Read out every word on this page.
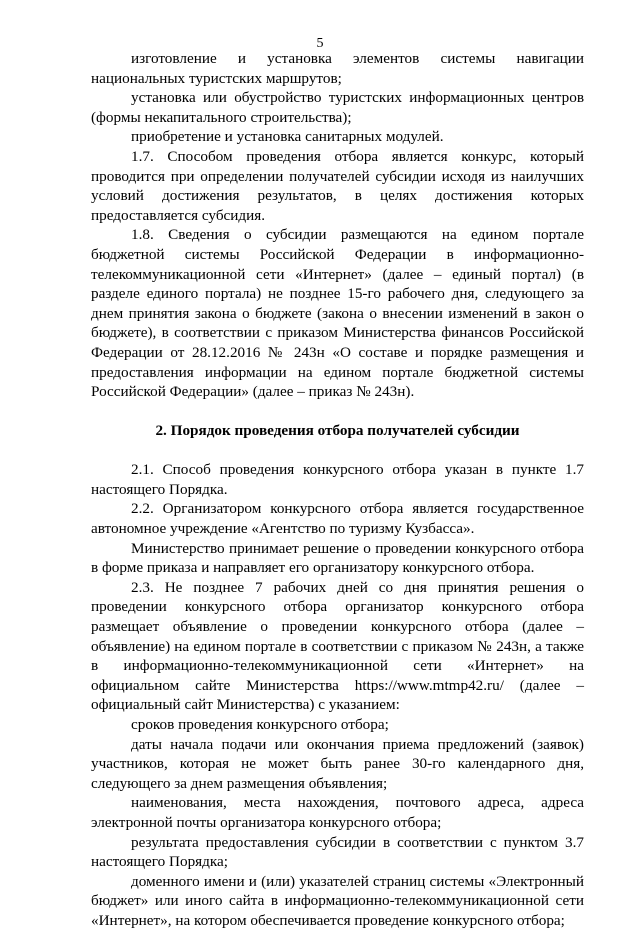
5

изготовление и установка элементов системы навигации национальных туристских маршрутов;

установка или обустройство туристских информационных центров (формы некапитального строительства);

приобретение и установка санитарных модулей.

1.7. Способом проведения отбора является конкурс, который проводится при определении получателей субсидии исходя из наилучших условий достижения результатов, в целях достижения которых предоставляется субсидия.

1.8. Сведения о субсидии размещаются на едином портале бюджетной системы Российской Федерации в информационно-телекоммуникационной сети «Интернет» (далее – единый портал) (в разделе единого портала) не позднее 15-го рабочего дня, следующего за днем принятия закона о бюджете (закона о внесении изменений в закон о бюджете), в соответствии с приказом Министерства финансов Российской Федерации от 28.12.2016 № 243н «О составе и порядке размещения и предоставления информации на едином портале бюджетной системы Российской Федерации» (далее – приказ № 243н).

2. Порядок проведения отбора получателей субсидии

2.1. Способ проведения конкурсного отбора указан в пункте 1.7 настоящего Порядка.

2.2. Организатором конкурсного отбора является государственное автономное учреждение «Агентство по туризму Кузбасса».

Министерство принимает решение о проведении конкурсного отбора в форме приказа и направляет его организатору конкурсного отбора.

2.3. Не позднее 7 рабочих дней со дня принятия решения о проведении конкурсного отбора организатор конкурсного отбора размещает объявление о проведении конкурсного отбора (далее – объявление) на едином портале в соответствии с приказом № 243н, а также в информационно-телекоммуникационной сети «Интернет» на официальном сайте Министерства https://www.mtmp42.ru/ (далее – официальный сайт Министерства) с указанием:

сроков проведения конкурсного отбора;

даты начала подачи или окончания приема предложений (заявок) участников, которая не может быть ранее 30-го календарного дня, следующего за днем размещения объявления;

наименования, места нахождения, почтового адреса, адреса электронной почты организатора конкурсного отбора;

результата предоставления субсидии в соответствии с пунктом 3.7 настоящего Порядка;

доменного имени и (или) указателей страниц системы «Электронный бюджет» или иного сайта в информационно-телекоммуникационной сети «Интернет», на котором обеспечивается проведение конкурсного отбора;
